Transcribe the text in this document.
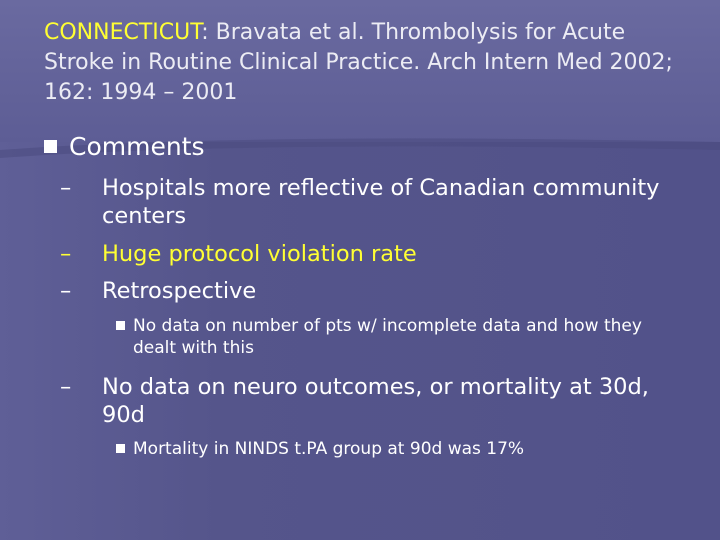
CONNECTICUT: Bravata et al. Thrombolysis for Acute Stroke in Routine Clinical Practice. Arch Intern Med 2002; 162: 1994 – 2001
Comments
– Hospitals more reflective of Canadian community centers
– Huge protocol violation rate
– Retrospective
No data on number of pts w/ incomplete data and how they dealt with this
– No data on neuro outcomes, or mortality at 30d, 90d
Mortality in NINDS t.PA group at 90d was 17%
